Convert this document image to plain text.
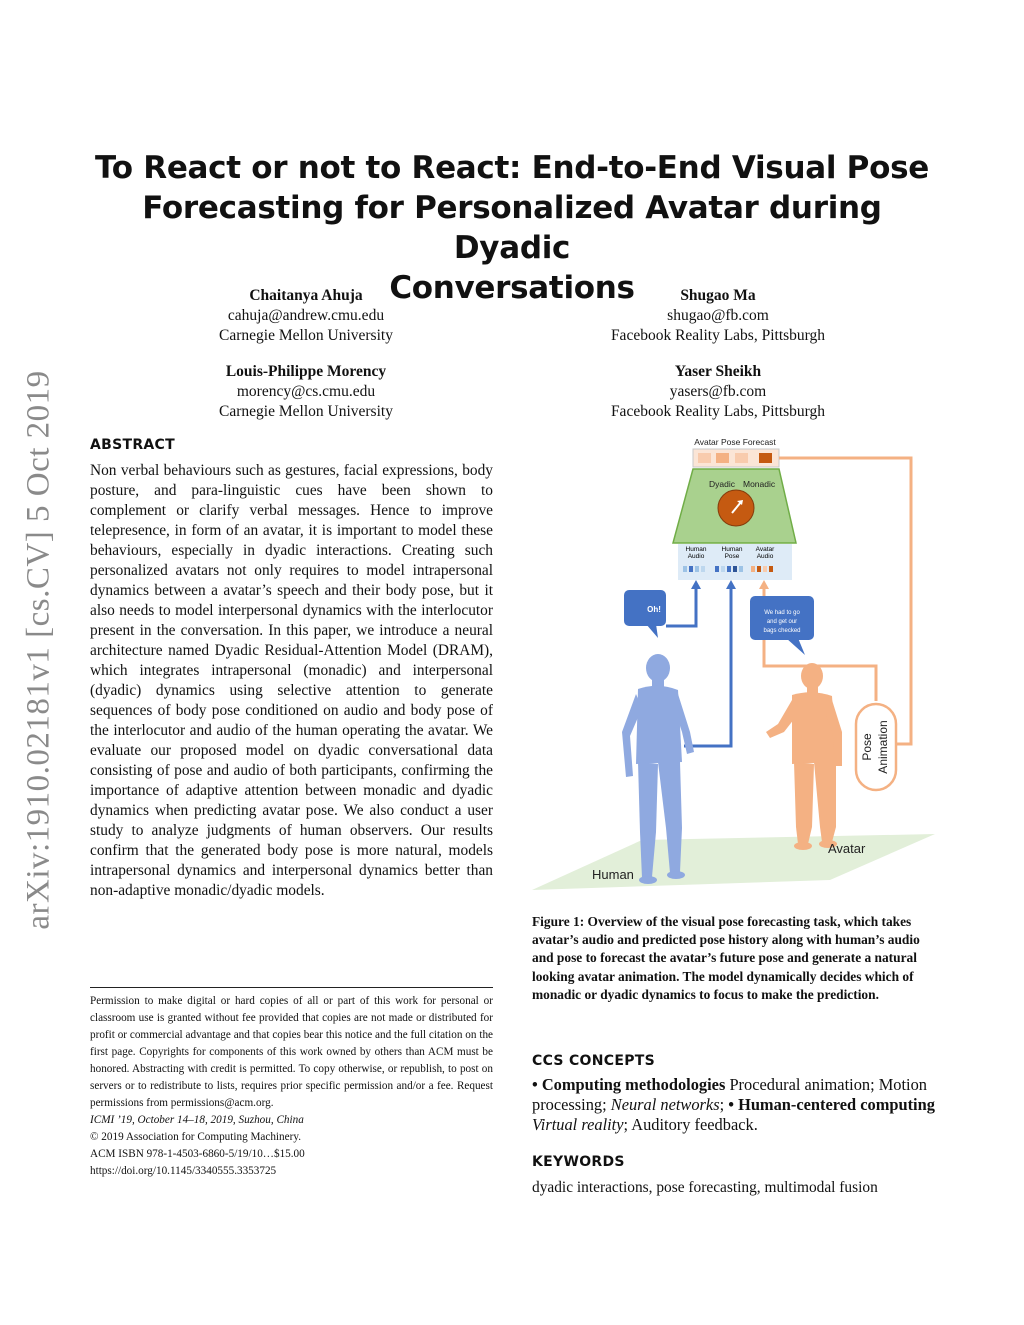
To React or not to React: End-to-End Visual Pose
Forecasting for Personalized Avatar during Dyadic
Conversations
Chaitanya Ahuja
cahuja@andrew.cmu.edu
Carnegie Mellon University
Shugao Ma
shugao@fb.com
Facebook Reality Labs, Pittsburgh
Louis-Philippe Morency
morency@cs.cmu.edu
Carnegie Mellon University
Yaser Sheikh
yasers@fb.com
Facebook Reality Labs, Pittsburgh
arXiv:1910.02181v1 [cs.CV] 5 Oct 2019 ABSTRACT
Non verbal behaviours such as gestures, facial expressions, body posture, and para-linguistic cues have been shown to complement or clarify verbal messages. Hence to improve telepresence, in form of an avatar, it is important to model these behaviours, especially in dyadic interactions. Creating such personalized avatars not only requires to model intrapersonal dynamics between a avatar’s speech and their body pose, but it also needs to model interpersonal dynamics with the interlocutor present in the conversation. In this paper, we introduce a neural architecture named Dyadic Residual-Attention Model (DRAM), which integrates intrapersonal (monadic) and interpersonal (dyadic) dynamics using selective attention to generate sequences of body pose conditioned on audio and body pose of the interlocutor and audio of the human operating the avatar. We evaluate our proposed model on dyadic conversational data consisting of pose and audio of both participants, confirming the importance of adaptive attention between monadic and dyadic dynamics when predicting avatar pose. We also conduct a user study to analyze judgments of human observers. Our results confirm that the generated body pose is more natural, models intrapersonal dynamics and interpersonal dynamics better than non-adaptive monadic/dyadic models.
Permission to make digital or hard copies of all or part of this work for personal or classroom use is granted without fee provided that copies are not made or distributed for profit or commercial advantage and that copies bear this notice and the full citation on the first page. Copyrights for components of this work owned by others than ACM must be honored. Abstracting with credit is permitted. To copy otherwise, or republish, to post on servers or to redistribute to lists, requires prior specific permission and/or a fee. Request permissions from permissions@acm.org.
ICMI ’19, October 14–18, 2019, Suzhou, China
© 2019 Association for Computing Machinery.
ACM ISBN 978-1-4503-6860-5/19/10…$15.00
https://doi.org/10.1145/3340555.3353725
Avatar Pose Forecast
Dyadic Monadic
Human
Audio
Human
Pose
Avatar
Audio
Oh!	We had to go
and get our
bags checked
Pose Animation
Human
Avatar
Figure 1: Overview of the visual pose forecasting task, which takes avatar’s audio and predicted pose history along with human’s audio and pose to forecast the avatar’s future pose and generate a natural looking avatar animation. The model dynamically decides which of monadic or dyadic dynamics to focus to make the prediction.
CCS CONCEPTS
• Computing methodologies Procedural animation; Motion processing; Neural networks; • Human-centered computing Virtual reality; Auditory feedback.
KEYWORDS
dyadic interactions, pose forecasting, multimodal fusion
